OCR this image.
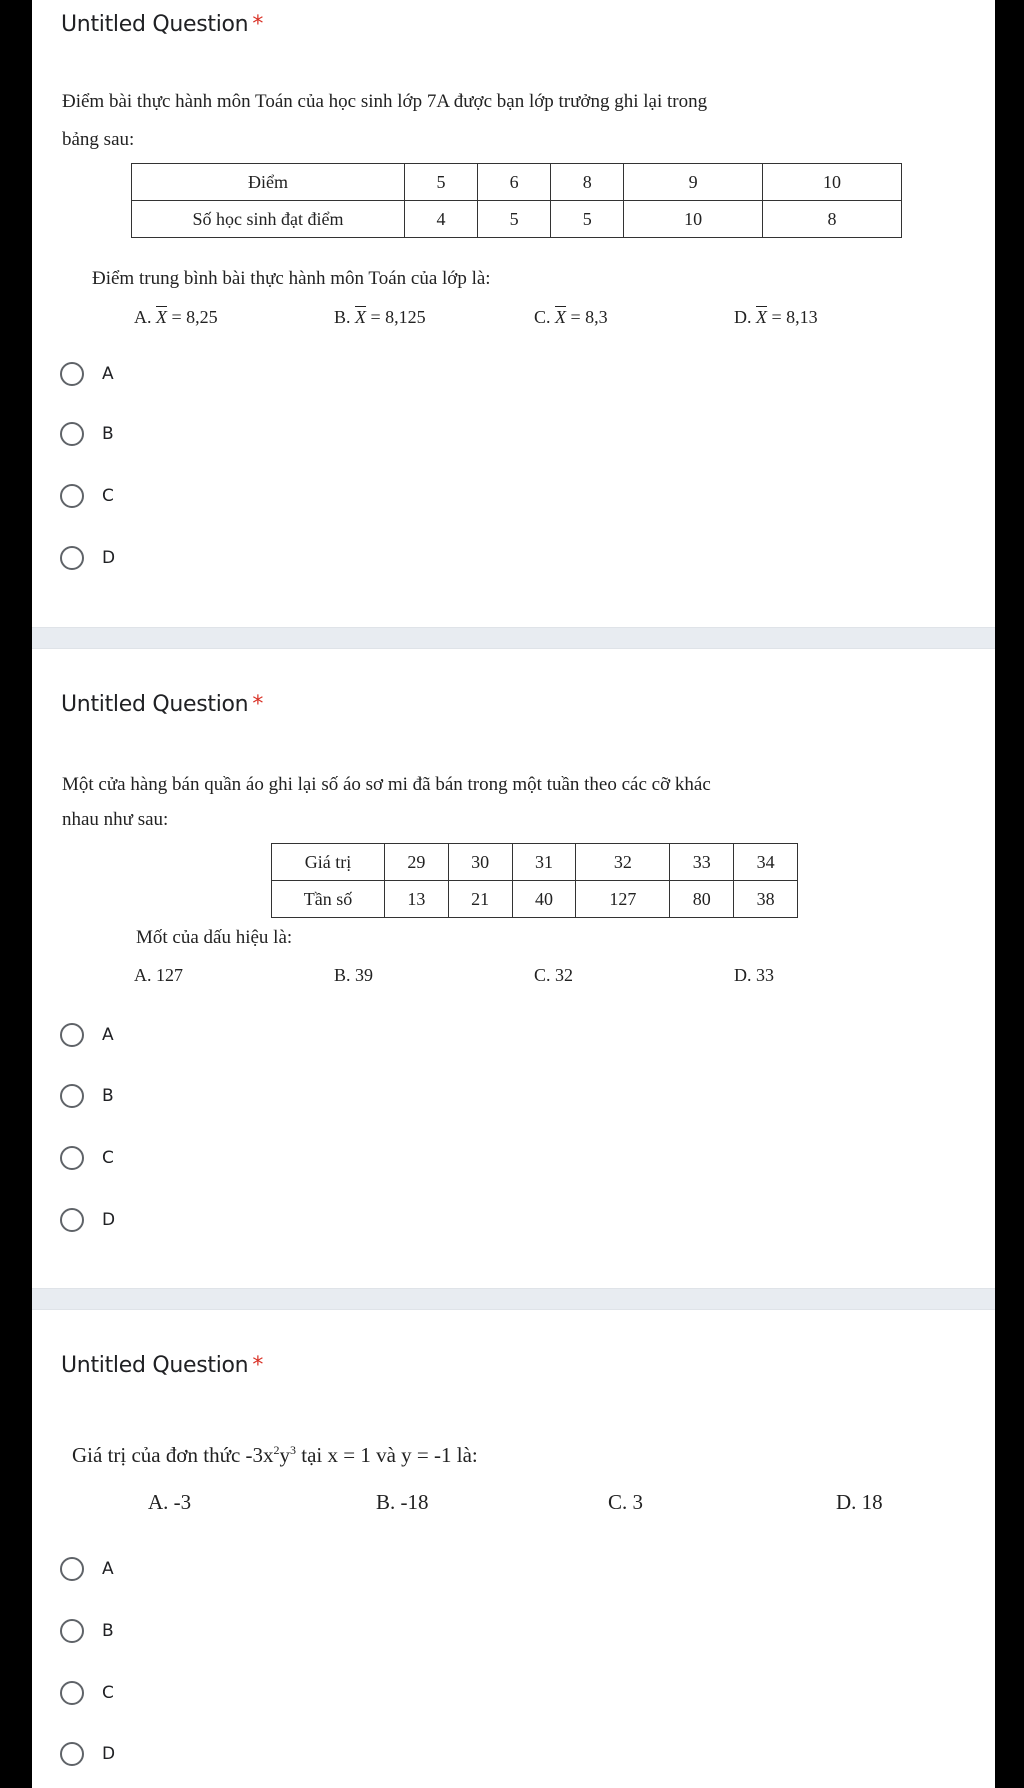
Untitled Question *
Điểm bài thực hành môn Toán của học sinh lớp 7A được bạn lớp trưởng ghi lại trong
bảng sau:
Điểm	5	6	8	9	10
Số học sinh đạt điểm	4	5	5	10	8
Điểm trung bình bài thực hành môn Toán của lớp là:
A. $\overline{X} = 8,25$	B. $\overline{X} = 8,125$	C. $\overline{X} = 8,3$	D. $\overline{X} = 8,13$
A
B
C
D
Untitled Question *
Một cửa hàng bán quần áo ghi lại số áo sơ mi đã bán trong một tuần theo các cỡ khác
nhau như sau:
Giá trị	29	30	31	32	33	34
Tần số	13	21	40	127	80	38
Mốt của dấu hiệu là:
A. 127	B. 39	C. 32	D. 33
A
B
C
D
Untitled Question *
Giá trị của đơn thức $-3x^2y^3$ tại x = 1 và y = -1 là:
A. -3	B. -18	C. 3	D. 18
A
B
C
D
